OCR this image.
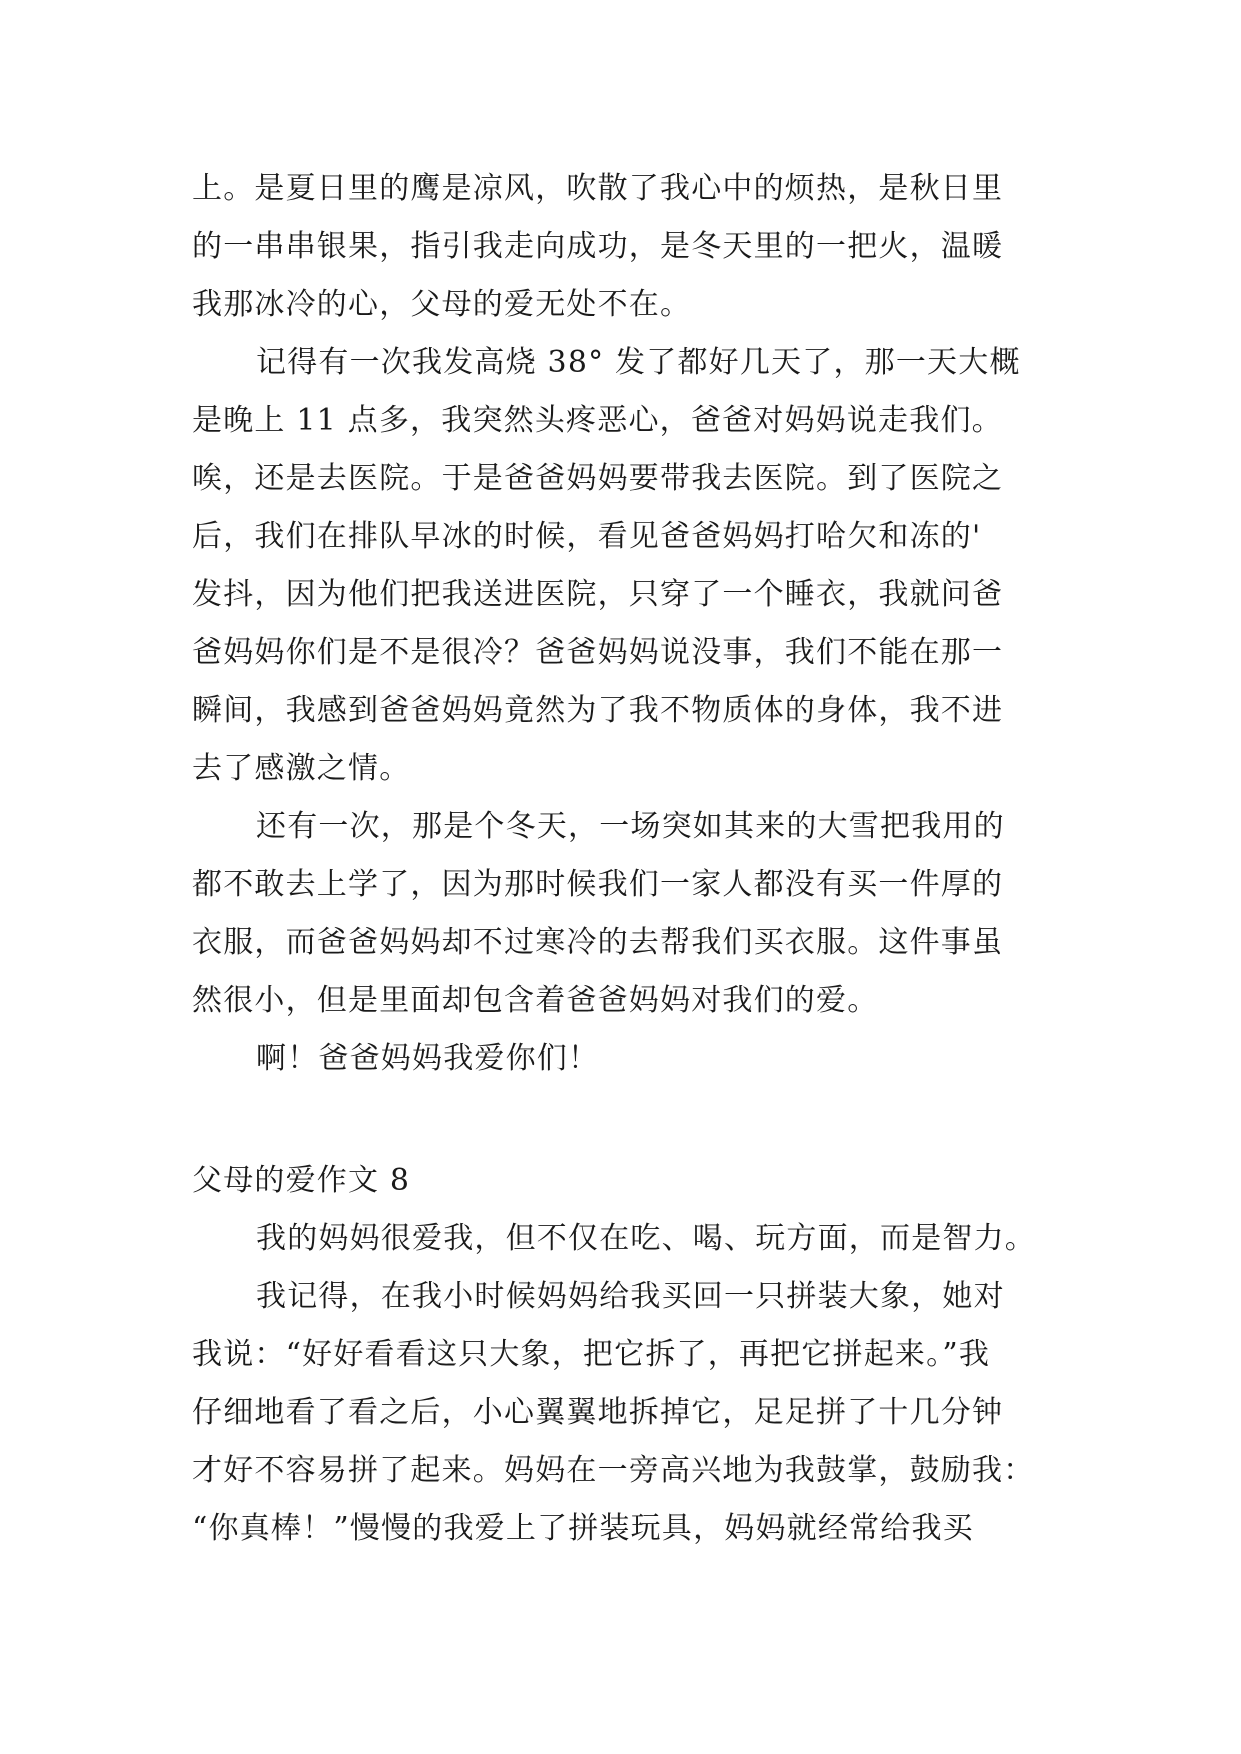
上。是夏日里的鹰是凉风，吹散了我心中的烦热，是秋日里
的一串串银果，指引我走向成功，是冬天里的一把火，温暖
我那冰冷的心，父母的爱无处不在。
记得有一次我发高烧 38° 发了都好几天了，那一天大概
是晚上 11 点多，我突然头疼恶心，爸爸对妈妈说走我们。
唉，还是去医院。于是爸爸妈妈要带我去医院。到了医院之
后，我们在排队早冰的时候，看见爸爸妈妈打哈欠和冻的'
发抖，因为他们把我送进医院，只穿了一个睡衣，我就问爸
爸妈妈你们是不是很冷？爸爸妈妈说没事，我们不能在那一
瞬间，我感到爸爸妈妈竟然为了我不物质体的身体，我不进
去了感激之情。
还有一次，那是个冬天，一场突如其来的大雪把我用的
都不敢去上学了，因为那时候我们一家人都没有买一件厚的
衣服，而爸爸妈妈却不过寒冷的去帮我们买衣服。这件事虽
然很小，但是里面却包含着爸爸妈妈对我们的爱。
啊！爸爸妈妈我爱你们！
父母的爱作文 8
我的妈妈很爱我，但不仅在吃、喝、玩方面，而是智力。
我记得，在我小时候妈妈给我买回一只拼装大象，她对
我说：“好好看看这只大象，把它拆了，再把它拼起来。”我
仔细地看了看之后，小心翼翼地拆掉它，足足拼了十几分钟
才好不容易拼了起来。妈妈在一旁高兴地为我鼓掌，鼓励我：
“你真棒！”慢慢的我爱上了拼装玩具，妈妈就经常给我买
